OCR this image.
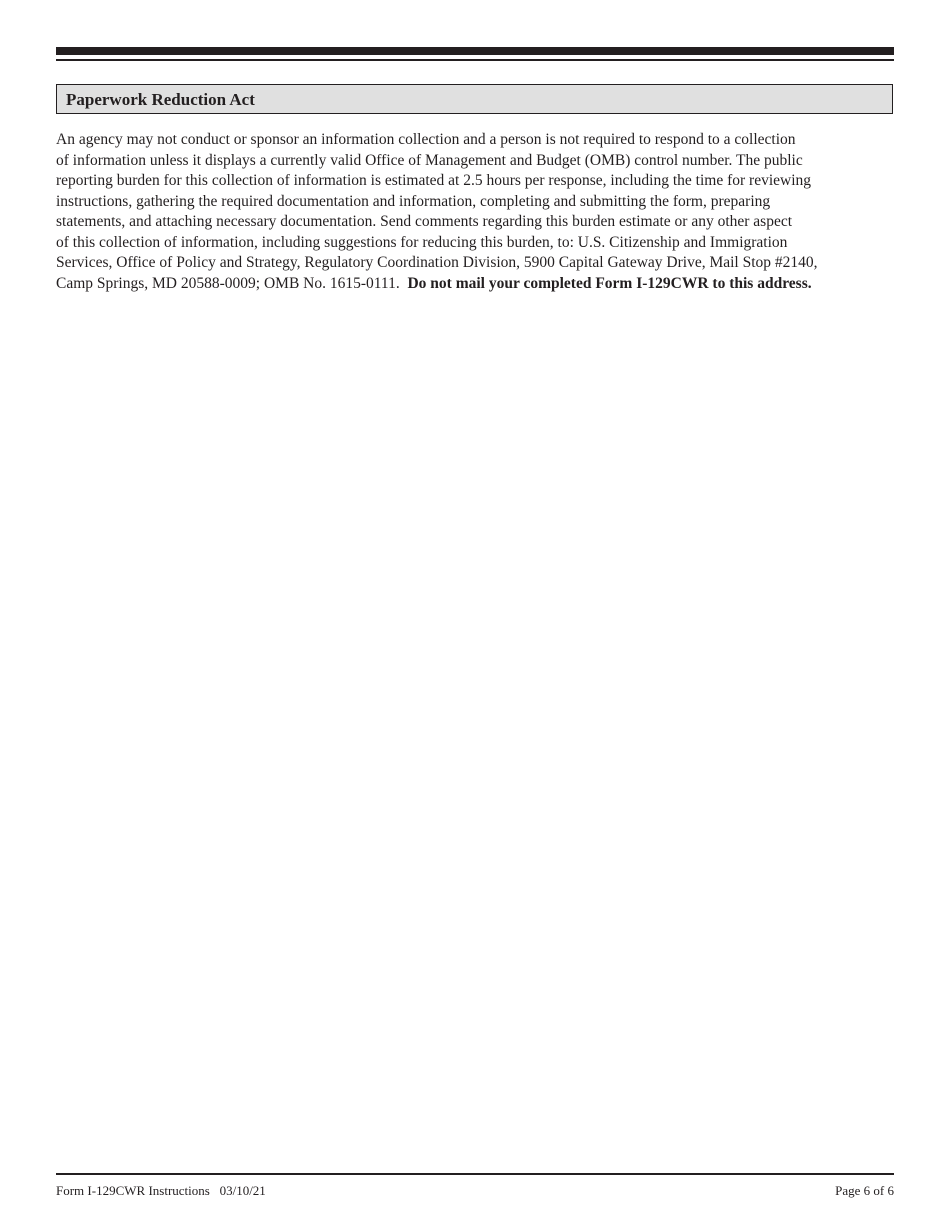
Paperwork Reduction Act

An agency may not conduct or sponsor an information collection and a person is not required to respond to a collection
of information unless it displays a currently valid Office of Management and Budget (OMB) control number. The public
reporting burden for this collection of information is estimated at 2.5 hours per response, including the time for reviewing
instructions, gathering the required documentation and information, completing and submitting the form, preparing
statements, and attaching necessary documentation. Send comments regarding this burden estimate or any other aspect
of this collection of information, including suggestions for reducing this burden, to: U.S. Citizenship and Immigration
Services, Office of Policy and Strategy, Regulatory Coordination Division, 5900 Capital Gateway Drive, Mail Stop #2140,
Camp Springs, MD 20588-0009; OMB No. 1615-0111.  Do not mail your completed Form I-129CWR to this address.

Form I-129CWR Instructions 03/10/21	Page 6 of 6
